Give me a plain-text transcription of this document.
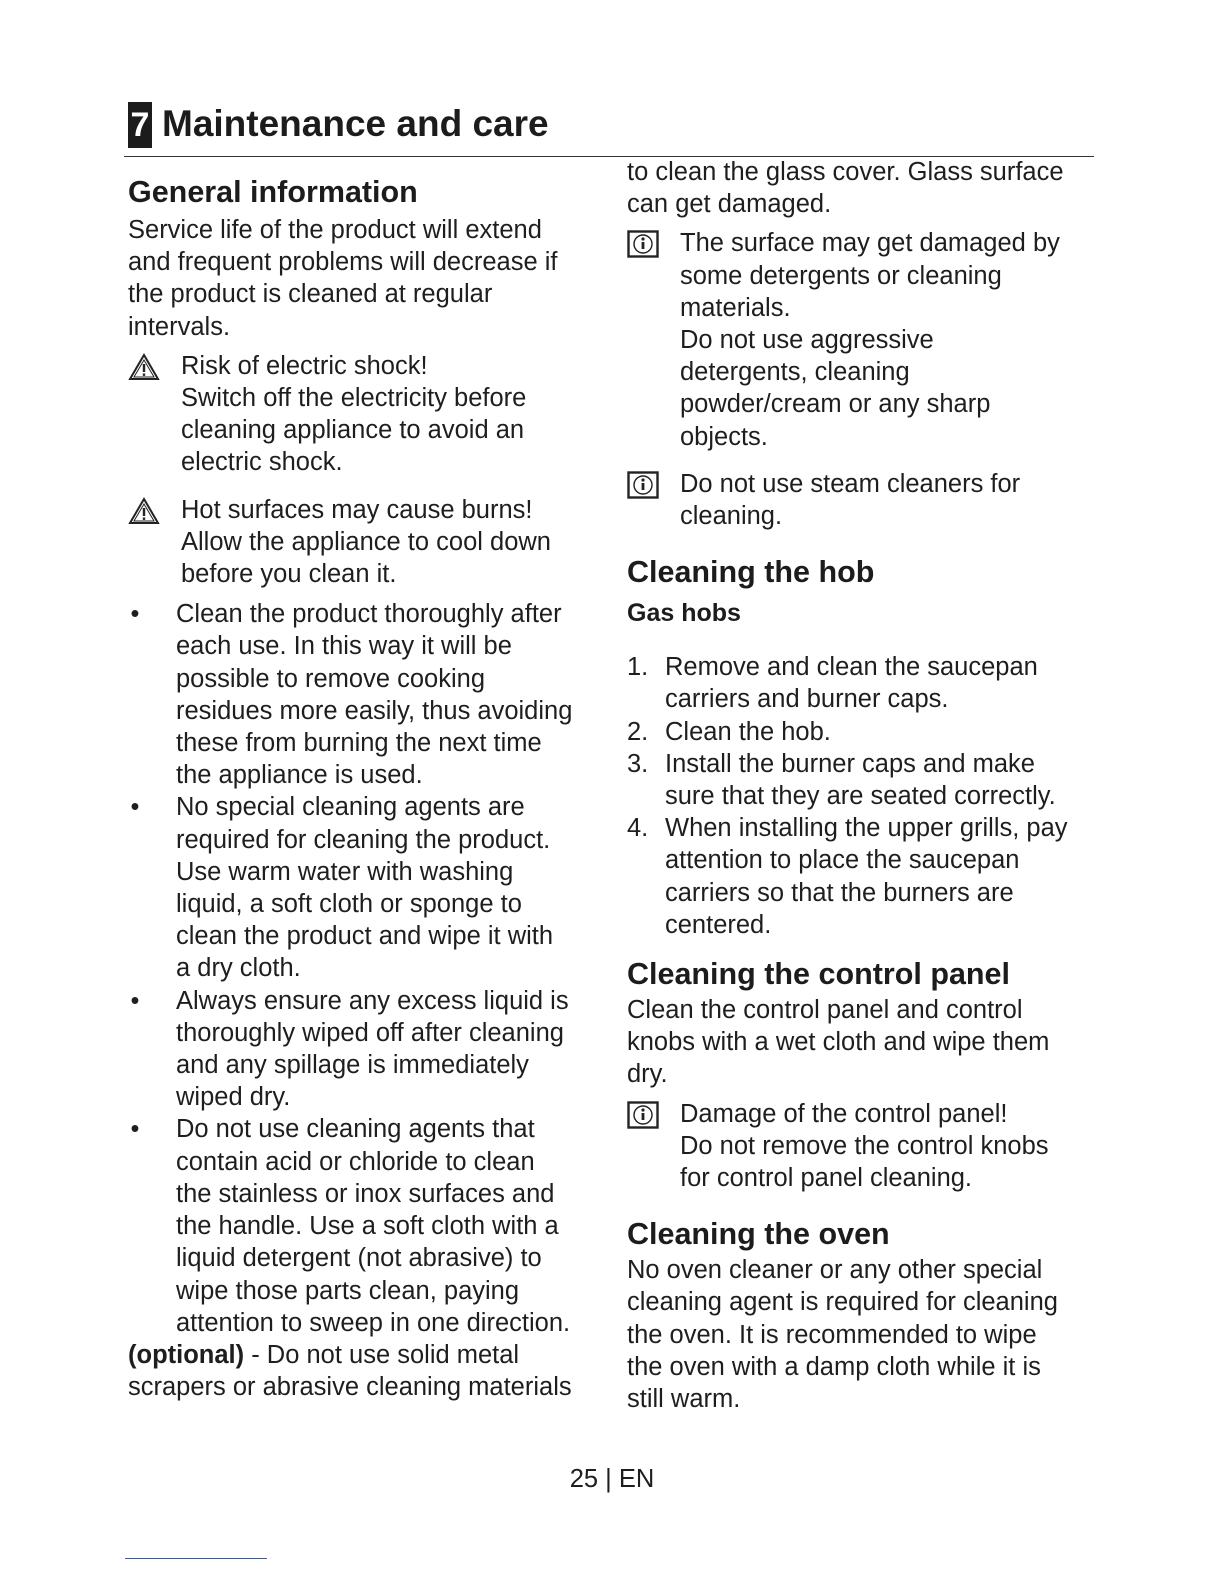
7 Maintenance and care
General information

Service life of the product will extend
and frequent problems will decrease if
the product is cleaned at regular
intervals.

Risk of electric shock!
Switch off the electricity before
cleaning appliance to avoid an
electric shock.
Hot surfaces may cause burns!
Allow the appliance to cool down
before you clean it.
• Clean the product thoroughly after
each use. In this way it will be
possible to remove cooking
residues more easily, thus avoiding
these from burning the next time
the appliance is used.
• No special cleaning agents are
required for cleaning the product.
Use warm water with washing
liquid, a soft cloth or sponge to
clean the product and wipe it with
a dry cloth.
• Always ensure any excess liquid is
thoroughly wiped off after cleaning
and any spillage is immediately
wiped dry.
• Do not use cleaning agents that
contain acid or chloride to clean
the stainless or inox surfaces and
the handle. Use a soft cloth with a
liquid detergent (not abrasive) to
wipe those parts clean, paying
attention to sweep in one direction.

(optional) - Do not use solid metal
scrapers or abrasive cleaning materials

to clean the glass cover. Glass surface
can get damaged.

The surface may get damaged by
some detergents or cleaning
materials.
Do not use aggressive
detergents, cleaning
powder/cream or any sharp
objects.
Do not use steam cleaners for
cleaning.
Cleaning the hob
Gas hobs
1. Remove and clean the saucepan
carriers and burner caps.
2. Clean the hob.
3. Install the burner caps and make
sure that they are seated correctly.
4. When installing the upper grills, pay
attention to place the saucepan
carriers so that the burners are
centered.
Cleaning the control panel

Clean the control panel and control
knobs with a wet cloth and wipe them
dry.

Damage of the control panel!
Do not remove the control knobs
for control panel cleaning.
Cleaning the oven

No oven cleaner or any other special
cleaning agent is required for cleaning
the oven. It is recommended to wipe
the oven with a damp cloth while it is
still warm.

25 | EN
